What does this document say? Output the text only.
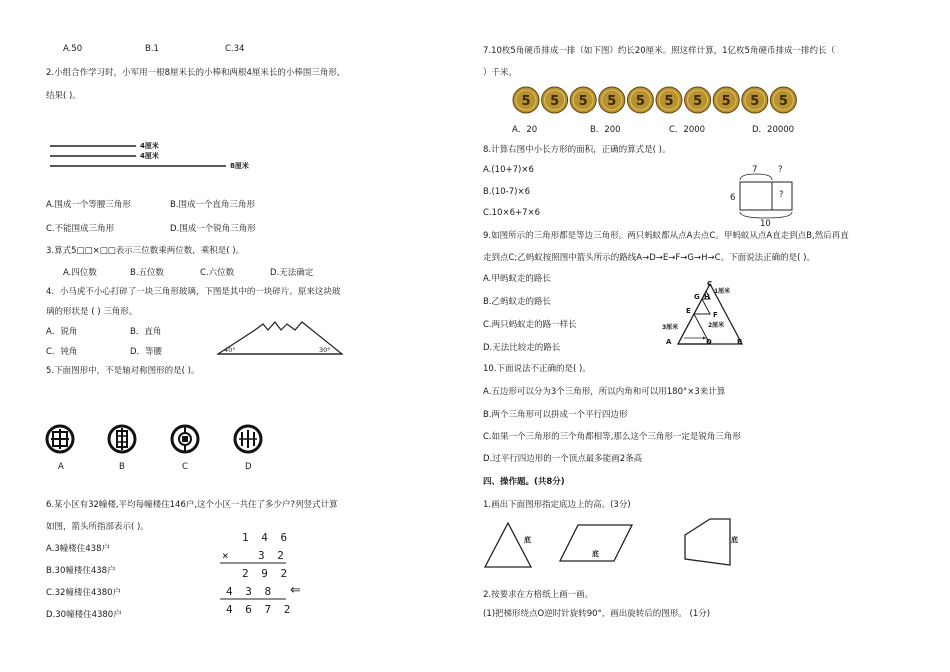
A.50	B.1	C.34
2.小组合作学习时，小军用一根8厘米长的小棒和两根4厘米长的小棒围三角形,
结果( )。
4厘米
4厘米
8厘米
A.围成一个等腰三角形	B.围成一个直角三角形
C.不能围成三角形	D.围成一个锐角三角形
3.算式5□□×□□表示三位数乘两位数，乘积是( )。
A.四位数	B.五位数	C.六位数	D.无法确定
4．小马虎不小心打碎了一块三角形玻璃，下图是其中的一块碎片。原来这块玻
璃的形状是 ( ) 三角形。
A．锐角	B．直角
C．钝角	D．等腰	40°	30°
5.下面图形中，不是轴对称图形的是( )。
A	B	C	D
6.某小区有32幢楼,平均每幢楼住146户,这个小区一共住了多少户?列竖式计算
如图，箭头所指部表示( )。
A.3幢楼住438户
B.30幢楼住438户
C.32幢楼住4380户
D.30幢楼住4380户
1 4 6
× 3 2
2 9 2
4 3 8
4 6 7 2
⇐
7.10枚5角硬币排成一排（如下图）约长20厘米。照这样计算，1亿枚5角硬币排成一排约长（
）千米。
5 5 5 5 5 5 5 5 5 5
A．20	B．200	C．2000	D．20000
8.计算右图中小长方形的面积，正确的算式是( )。
A.(10+7)×6
B.(10-7)×6
C.10×6+7×6
7 ?
6	?
10
9.如图所示的三角形都是等边三角形。两只蚂蚁都从点A去点C。甲蚂蚁从点A直走到点B,然后再直
走到点C;乙蚂蚁按照图中箭头所示的路线A→D→E→F→G→H→C。下面说法正确的是( )。
A.甲蚂蚁走的路长
B.乙蚂蚁走的路长
C.两只蚂蚁走的路一样长
D.无法比较走的路长
C
1厘米
G H
E	F
2厘米
3厘米
A	D	B
10.下面说法不正确的是( )。
A.五边形可以分为3个三角形，所以内角和可以用180°×3来计算
B.两个三角形可以拼成一个平行四边形
C.如果一个三角形的三个角都相等,那么这个三角形一定是锐角三角形
D.过平行四边形的一个顶点最多能画2条高
四、操作题。(共8分)
1.画出下面图形指定底边上的高。(3分)
底
底
底
2.按要求在方格纸上画一画。
(1)把梯形绕点O逆时针旋转90°，画出旋转后的图形。 (1分)
